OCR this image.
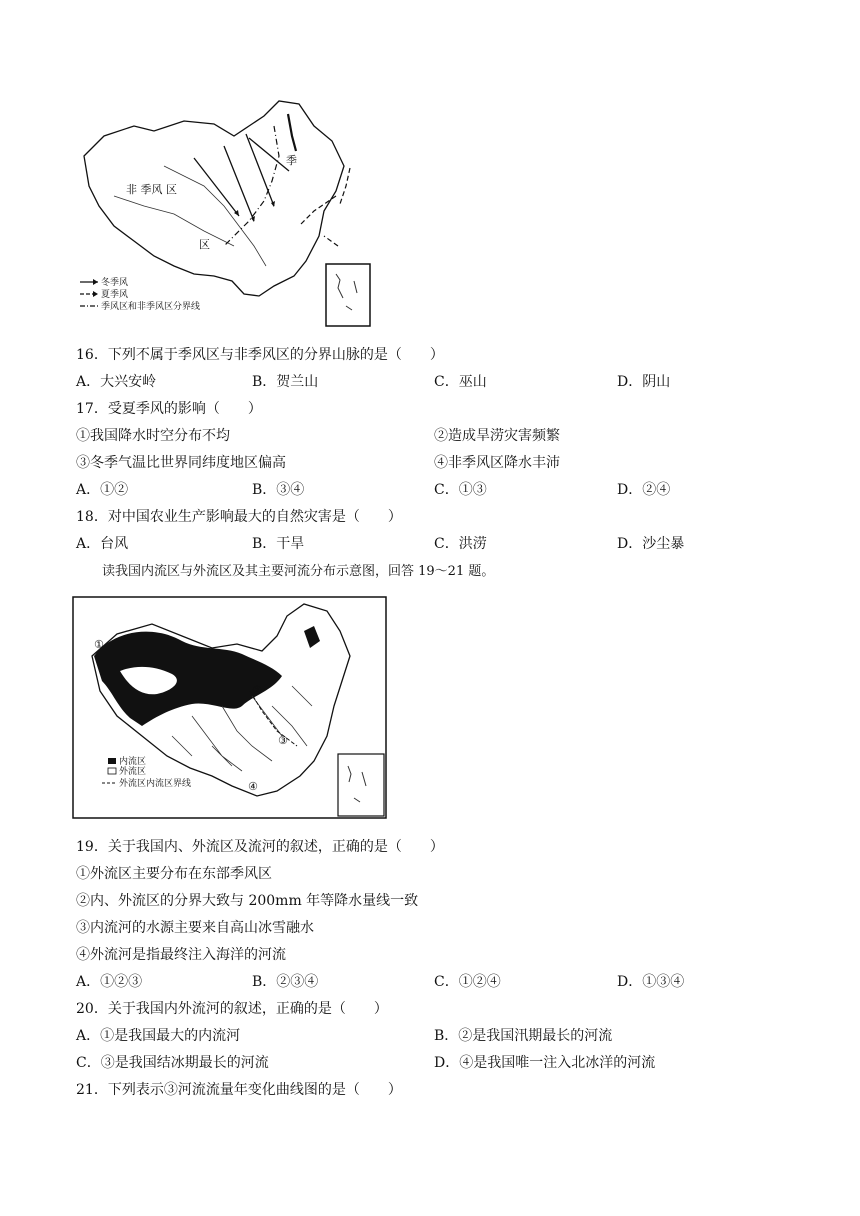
非 季风 区
季
区
冬季风
夏季风
季风区和非季风区分界线
16．下列不属于季风区与非季风区的分界山脉的是（　　）
A．大兴安岭	B．贺兰山	C．巫山	D．阴山
17．受夏季风的影响（　　）
①我国降水时空分布不均	②造成旱涝灾害频繁
③冬季气温比世界同纬度地区偏高	④非季风区降水丰沛
A．①②	B．③④	C．①③	D．②④
18．对中国农业生产影响最大的自然灾害是（　　）
A．台风	B．干旱	C．洪涝	D．沙尘暴
读我国内流区与外流区及其主要河流分布示意图，回答 19～21 题。
①
②
③
④
内流区
外流区
外流区内流区界线
19．关于我国内、外流区及流河的叙述，正确的是（　　）
①外流区主要分布在东部季风区
②内、外流区的分界大致与 200mm 年等降水量线一致
③内流河的水源主要来自高山冰雪融水
④外流河是指最终注入海洋的河流
A．①②③	B．②③④	C．①②④	D．①③④
20．关于我国内外流河的叙述，正确的是（　　）
A．①是我国最大的内流河	B．②是我国汛期最长的河流
C．③是我国结冰期最长的河流	D．④是我国唯一注入北冰洋的河流
21．下列表示③河流流量年变化曲线图的是（　　）
